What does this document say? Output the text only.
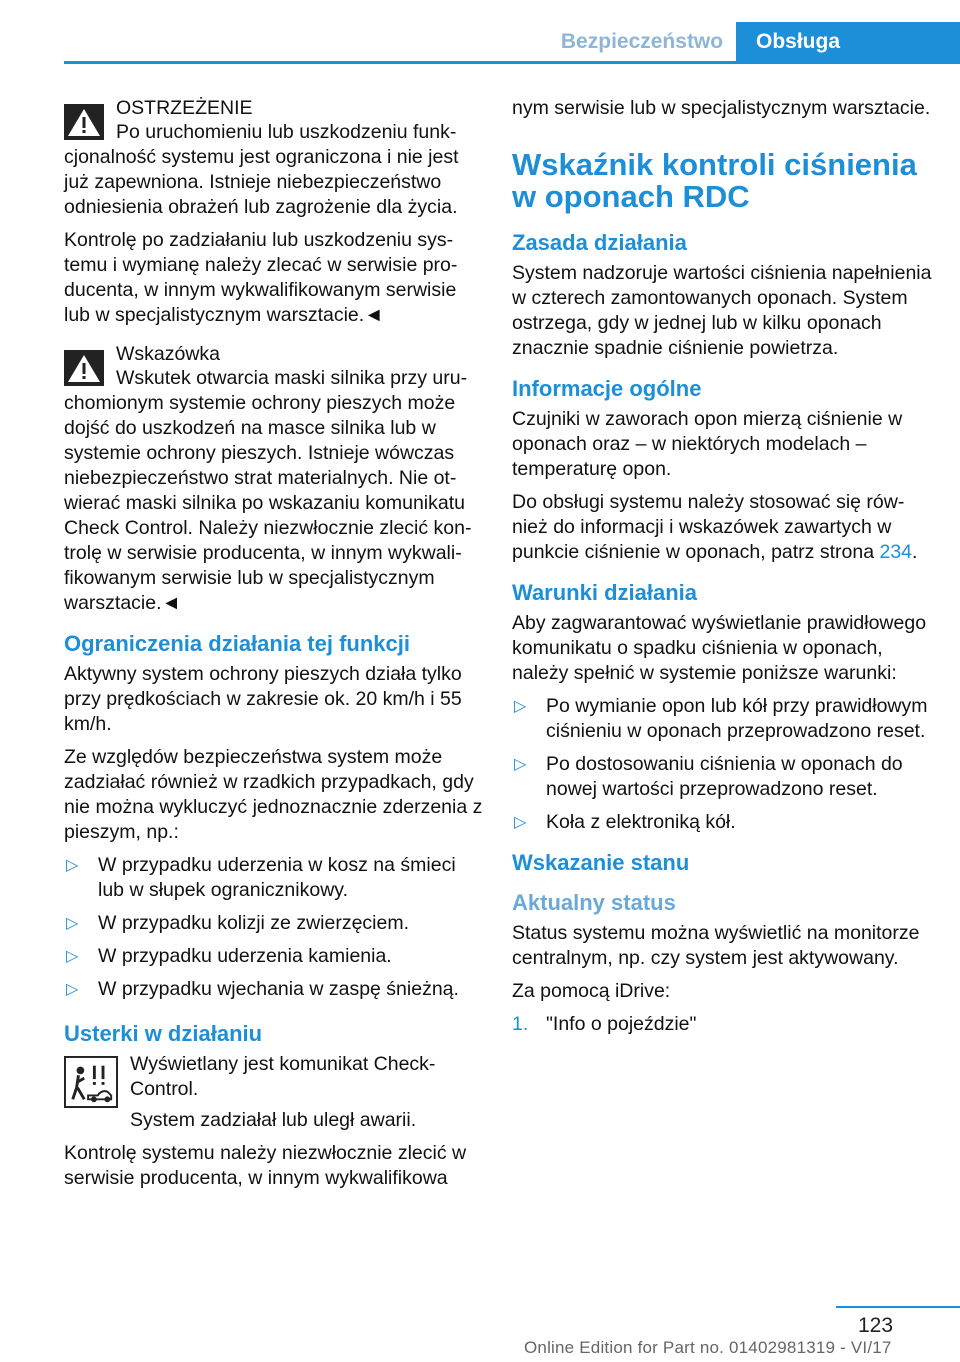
Bezpieczeństwo	Obsługa

OSTRZEŻENIE

Po uruchomieniu lub uszkodzeniu funkcjonalność systemu jest ograniczona i nie jest już zapewniona. Istnieje niebezpieczeństwo odniesienia obrażeń lub zagrożenie dla życia.

Kontrolę po zadziałaniu lub uszkodzeniu systemu i wymianę należy zlecać w serwisie producenta, w innym wykwalifikowanym serwisie lub w specjalistycznym warsztacie.◄

Wskazówka

Wskutek otwarcia maski silnika przy uruchomionym systemie ochrony pieszych może dojść do uszkodzeń na masce silnika lub w systemie ochrony pieszych. Istnieje wówczas niebezpieczeństwo strat materialnych. Nie otwierać maski silnika po wskazaniu komunikatu Check Control. Należy niezwłocznie zlecić kontrolę w serwisie producenta, w innym wykwalifikowanym serwisie lub w specjalistycznym warsztacie.◄

Ograniczenia działania tej funkcji

Aktywny system ochrony pieszych działa tylko przy prędkościach w zakresie ok. 20 km/h i 55 km/h.

Ze względów bezpieczeństwa system może zadziałać również w rzadkich przypadkach, gdy nie można wykluczyć jednoznacznie zderzenia z pieszym, np.:

▷ W przypadku uderzenia w kosz na śmieci lub w słupek ogranicznikowy.
▷ W przypadku kolizji ze zwierzęciem.
▷ W przypadku uderzenia kamienia.
▷ W przypadku wjechania w zaspę śnieżną.
Usterki w działaniu

Wyświetlany jest komunikat Check-Control.

System zadziałał lub uległ awarii.

Kontrolę systemu należy niezwłocznie zlecić w serwisie producenta, w innym wykwalifikowa

nym serwisie lub w specjalistycznym warsztacie.

Wskaźnik kontroli ciśnienia w oponach RDC
Zasada działania

System nadzoruje wartości ciśnienia napełnienia w czterech zamontowanych oponach. System ostrzega, gdy w jednej lub w kilku oponach znacznie spadnie ciśnienie powietrza.

Informacje ogólne

Czujniki w zaworach opon mierzą ciśnienie w oponach oraz – w niektórych modelach – temperaturę opon.

Do obsługi systemu należy stosować się również do informacji i wskazówek zawartych w punkcie ciśnienie w oponach, patrz strona 234.

Warunki działania

Aby zagwarantować wyświetlanie prawidłowego komunikatu o spadku ciśnienia w oponach, należy spełnić w systemie poniższe warunki:

▷ Po wymianie opon lub kół przy prawidłowym ciśnieniu w oponach przeprowadzono reset.
▷ Po dostosowaniu ciśnienia w oponach do nowej wartości przeprowadzono reset.
▷ Koła z elektroniką kół.
Wskazanie stanu
Aktualny status

Status systemu można wyświetlić na monitorze centralnym, np. czy system jest aktywowany.

Za pomocą iDrive:

1. "Info o pojeździe"
123
Online Edition for Part no. 01402981319 - VI/17
